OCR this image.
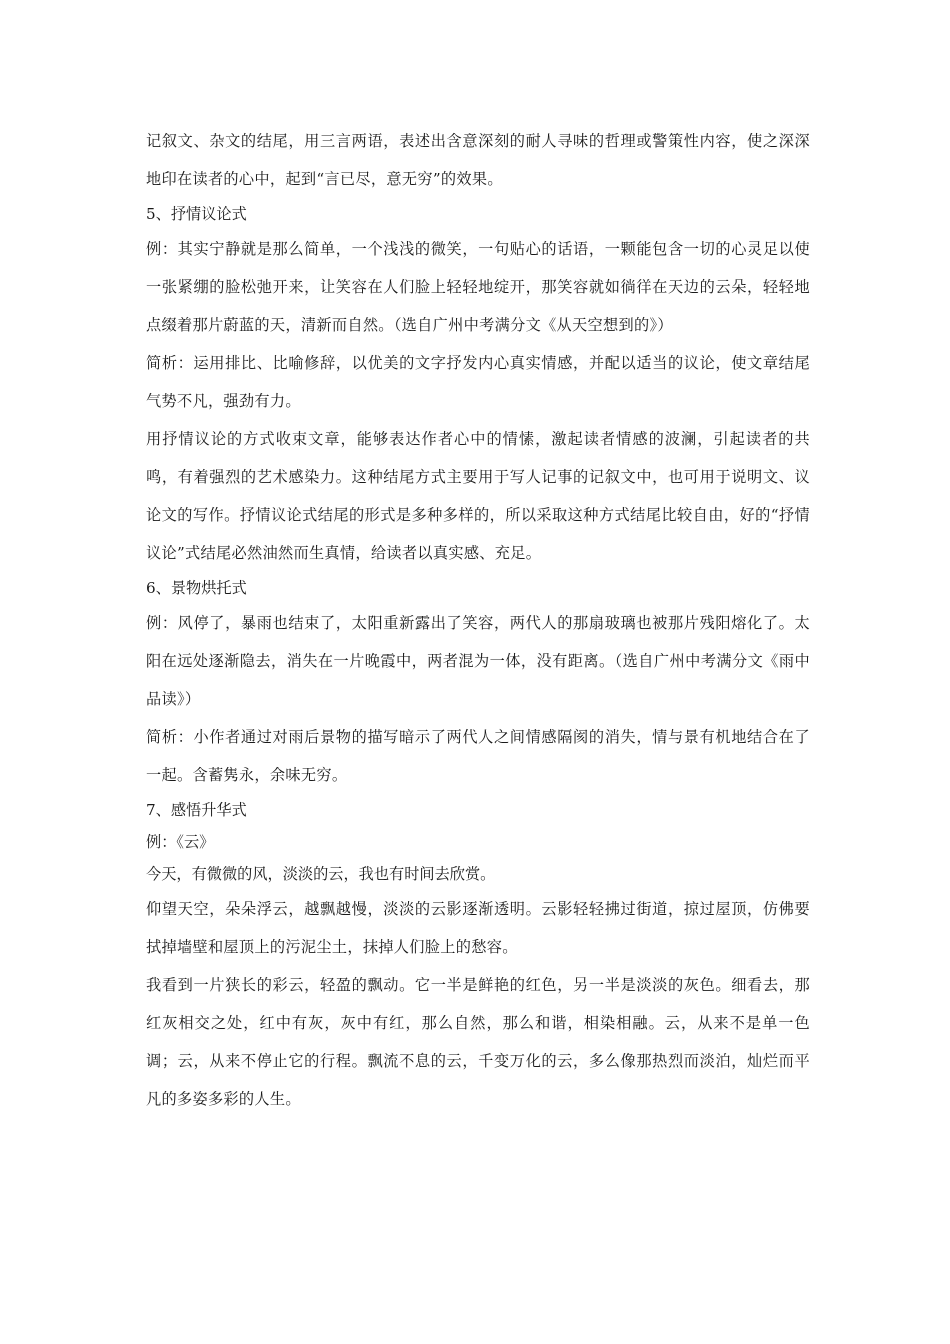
记叙文、杂文的结尾，用三言两语，表述出含意深刻的耐人寻味的哲理或警策性内容，使之深深地印在读者的心中，起到“言已尽，意无穷”的效果。

5、抒情议论式

例：其实宁静就是那么简单，一个浅浅的微笑，一句贴心的话语，一颗能包含一切的心灵足以使一张紧绷的脸松弛开来，让笑容在人们脸上轻轻地绽开，那笑容就如徜徉在天边的云朵，轻轻地点缀着那片蔚蓝的天，清新而自然。（选自广州中考满分文《从天空想到的》）

简析：运用排比、比喻修辞，以优美的文字抒发内心真实情感，并配以适当的议论，使文章结尾气势不凡，强劲有力。

用抒情议论的方式收束文章，能够表达作者心中的情愫，激起读者情感的波澜，引起读者的共鸣，有着强烈的艺术感染力。这种结尾方式主要用于写人记事的记叙文中，也可用于说明文、议论文的写作。抒情议论式结尾的形式是多种多样的，所以采取这种方式结尾比较自由，好的“抒情议论”式结尾必然油然而生真情，给读者以真实感、充足。

6、景物烘托式

例：风停了，暴雨也结束了，太阳重新露出了笑容，两代人的那扇玻璃也被那片残阳熔化了。太阳在远处逐渐隐去，消失在一片晚霞中，两者混为一体，没有距离。（选自广州中考满分文《雨中品读》）

简析：小作者通过对雨后景物的描写暗示了两代人之间情感隔阂的消失，情与景有机地结合在了一起。含蓄隽永，余味无穷。

7、感悟升华式

例：《云》

今天，有微微的风，淡淡的云，我也有时间去欣赏。

仰望天空，朵朵浮云，越飘越慢，淡淡的云影逐渐透明。云影轻轻拂过街道，掠过屋顶，仿佛要拭掉墙壁和屋顶上的污泥尘土，抹掉人们脸上的愁容。

我看到一片狭长的彩云，轻盈的飘动。它一半是鲜艳的红色，另一半是淡淡的灰色。细看去，那红灰相交之处，红中有灰，灰中有红，那么自然，那么和谐，相染相融。云，从来不是单一色调；云，从来不停止它的行程。飘流不息的云，千变万化的云，多么像那热烈而淡泊，灿烂而平凡的多姿多彩的人生。
